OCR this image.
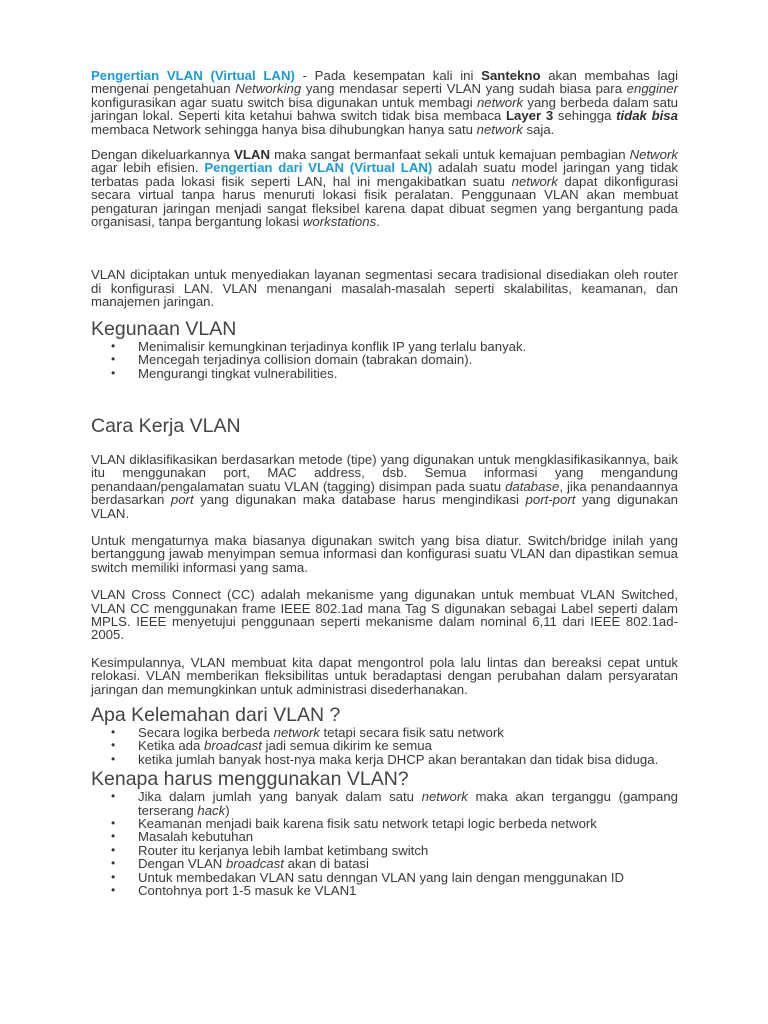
Pengertian VLAN (Virtual LAN) - Pada kesempatan kali ini Santekno akan membahas lagi mengenai pengetahuan Networking yang mendasar seperti VLAN yang sudah biasa para engginer konfigurasikan agar suatu switch bisa digunakan untuk membagi network yang berbeda dalam satu jaringan lokal. Seperti kita ketahui bahwa switch tidak bisa membaca Layer 3 sehingga tidak bisa membaca Network sehingga hanya bisa dihubungkan hanya satu network saja.

Dengan dikeluarkannya VLAN maka sangat bermanfaat sekali untuk kemajuan pembagian Network agar lebih efisien. Pengertian dari VLAN (Virtual LAN) adalah suatu model jaringan yang tidak terbatas pada lokasi fisik seperti LAN, hal ini mengakibatkan suatu network dapat dikonfigurasi secara virtual tanpa harus menuruti lokasi fisik peralatan. Penggunaan VLAN akan membuat pengaturan jaringan menjadi sangat fleksibel karena dapat dibuat segmen yang bergantung pada organisasi, tanpa bergantung lokasi workstations.

VLAN diciptakan untuk menyediakan layanan segmentasi secara tradisional disediakan oleh router di konfigurasi LAN. VLAN menangani masalah-masalah seperti skalabilitas, keamanan, dan manajemen jaringan.

Kegunaan VLAN
• Menimalisir kemungkinan terjadinya konflik IP yang terlalu banyak.
• Mencegah terjadinya collision domain (tabrakan domain).
• Mengurangi tingkat vulnerabilities.
Cara Kerja VLAN

VLAN diklasifikasikan berdasarkan metode (tipe) yang digunakan untuk mengklasifikasikannya, baik itu menggunakan port, MAC address, dsb. Semua informasi yang mengandung penandaan/pengalamatan suatu VLAN (tagging) disimpan pada suatu database, jika penandaannya berdasarkan port yang digunakan maka database harus mengindikasi port-port yang digunakan VLAN.

Untuk mengaturnya maka biasanya digunakan switch yang bisa diatur. Switch/bridge inilah yang bertanggung jawab menyimpan semua informasi dan konfigurasi suatu VLAN dan dipastikan semua switch memiliki informasi yang sama.

VLAN Cross Connect (CC) adalah mekanisme yang digunakan untuk membuat VLAN Switched, VLAN CC menggunakan frame IEEE 802.1ad mana Tag S digunakan sebagai Label seperti dalam MPLS. IEEE menyetujui penggunaan seperti mekanisme dalam nominal 6,11 dari IEEE 802.1ad-2005.

Kesimpulannya, VLAN membuat kita dapat mengontrol pola lalu lintas dan bereaksi cepat untuk relokasi. VLAN memberikan fleksibilitas untuk beradaptasi dengan perubahan dalam persyaratan jaringan dan memungkinkan untuk administrasi disederhanakan.

Apa Kelemahan dari VLAN ?
• Secara logika berbeda network tetapi secara fisik satu network
• Ketika ada broadcast jadi semua dikirim ke semua
• ketika jumlah banyak host-nya maka kerja DHCP akan berantakan dan tidak bisa diduga.
Kenapa harus menggunakan VLAN?
• Jika dalam jumlah yang banyak dalam satu network maka akan terganggu (gampang terserang hack)
• Keamanan menjadi baik karena fisik satu network tetapi logic berbeda network
• Masalah kebutuhan
• Router itu kerjanya lebih lambat ketimbang switch
• Dengan VLAN broadcast akan di batasi
• Untuk membedakan VLAN satu denngan VLAN yang lain dengan menggunakan ID
• Contohnya port 1-5 masuk ke VLAN1
